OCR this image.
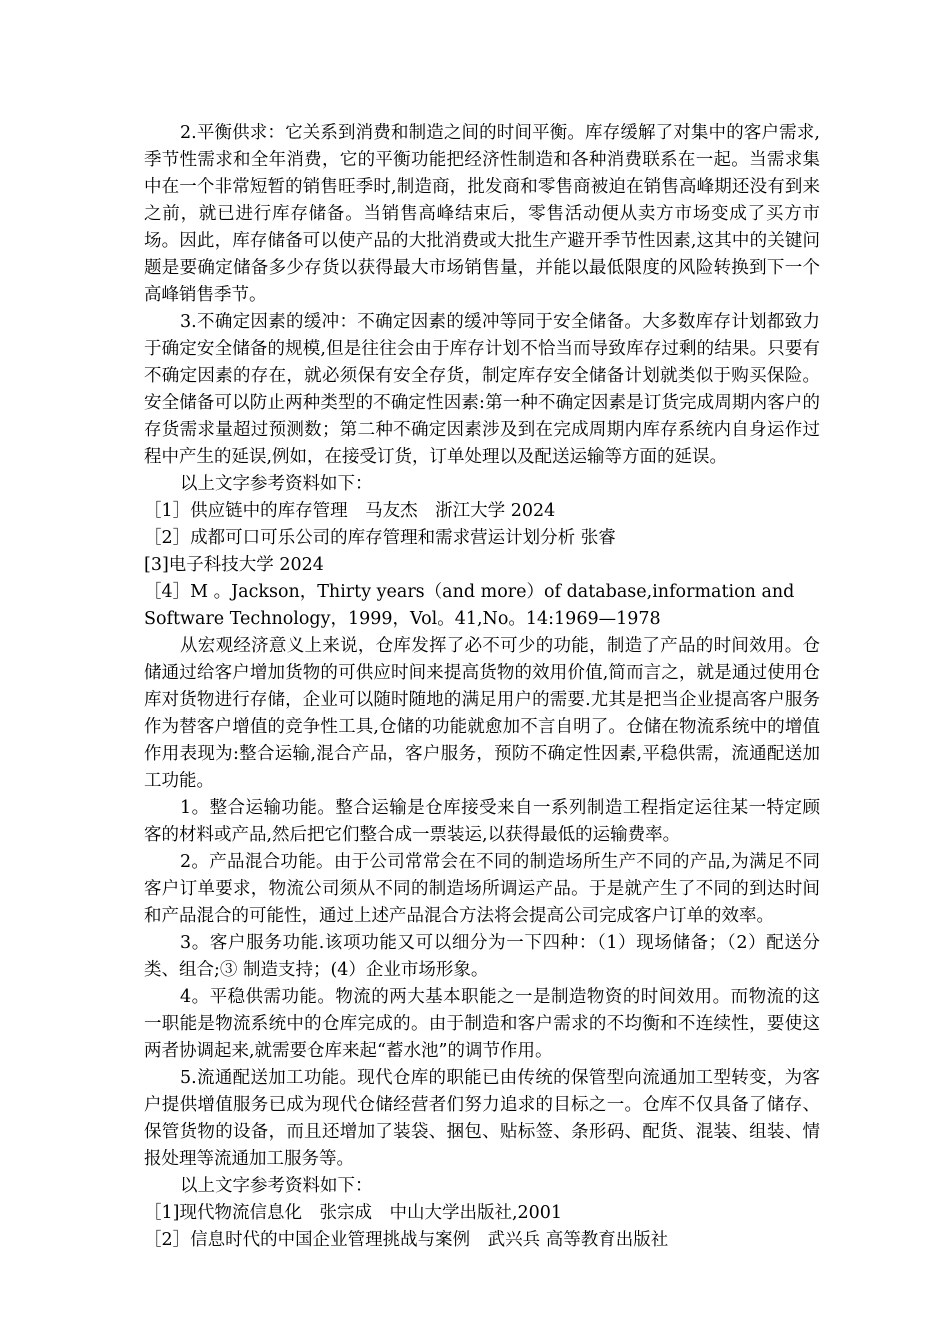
2.平衡供求：它关系到消费和制造之间的时间平衡。库存缓解了对集中的客户需求,季节性需求和全年消费，它的平衡功能把经济性制造和各种消费联系在一起。当需求集中在一个非常短暂的销售旺季时,制造商，批发商和零售商被迫在销售高峰期还没有到来之前，就已进行库存储备。当销售高峰结束后，零售活动便从卖方市场变成了买方市场。因此，库存储备可以使产品的大批消费或大批生产避开季节性因素,这其中的关键问题是要确定储备多少存货以获得最大市场销售量，并能以最低限度的风险转换到下一个高峰销售季节。

3.不确定因素的缓冲：不确定因素的缓冲等同于安全储备。大多数库存计划都致力于确定安全储备的规模,但是往往会由于库存计划不恰当而导致库存过剩的结果。只要有不确定因素的存在，就必须保有安全存货，制定库存安全储备计划就类似于购买保险。安全储备可以防止两种类型的不确定性因素:第一种不确定因素是订货完成周期内客户的存货需求量超过预测数；第二种不确定因素涉及到在完成周期内库存系统内自身运作过程中产生的延误,例如，在接受订货，订单处理以及配送运输等方面的延误。

以上文字参考资料如下：

［1］供应链中的库存管理　马友杰　浙江大学 2024

［2］成都可口可乐公司的库存管理和需求营运计划分析 张睿

[3]电子科技大学 2024

［4］M 。Jackson，Thirty years（and more）of database,information and Software Technology，1999，Vol。41,No。14:1969—1978

从宏观经济意义上来说，仓库发挥了必不可少的功能，制造了产品的时间效用。仓储通过给客户增加货物的可供应时间来提高货物的效用价值,简而言之，就是通过使用仓库对货物进行存储，企业可以随时随地的满足用户的需要.尤其是把当企业提高客户服务作为替客户增值的竞争性工具,仓储的功能就愈加不言自明了。仓储在物流系统中的增值作用表现为:整合运输,混合产品，客户服务，预防不确定性因素,平稳供需，流通配送加工功能。

1。整合运输功能。整合运输是仓库接受来自一系列制造工程指定运往某一特定顾客的材料或产品,然后把它们整合成一票装运,以获得最低的运输费率。

2。产品混合功能。由于公司常常会在不同的制造场所生产不同的产品,为满足不同客户订单要求，物流公司须从不同的制造场所调运产品。于是就产生了不同的到达时间和产品混合的可能性，通过上述产品混合方法将会提高公司完成客户订单的效率。

3。客户服务功能.该项功能又可以细分为一下四种：（1）现场储备；（2）配送分类、组合;③ 制造支持；(4）企业市场形象。

4。平稳供需功能。物流的两大基本职能之一是制造物资的时间效用。而物流的这一职能是物流系统中的仓库完成的。由于制造和客户需求的不均衡和不连续性，要使这两者协调起来,就需要仓库来起“蓄水池”的调节作用。

5.流通配送加工功能。现代仓库的职能已由传统的保管型向流通加工型转变，为客户提供增值服务已成为现代仓储经营者们努力追求的目标之一。仓库不仅具备了储存、保管货物的设备，而且还增加了装袋、捆包、贴标签、条形码、配货、混装、组装、情报处理等流通加工服务等。

以上文字参考资料如下：

［1]现代物流信息化　张宗成　中山大学出版社,2001

［2］信息时代的中国企业管理挑战与案例　武兴兵 高等教育出版社
